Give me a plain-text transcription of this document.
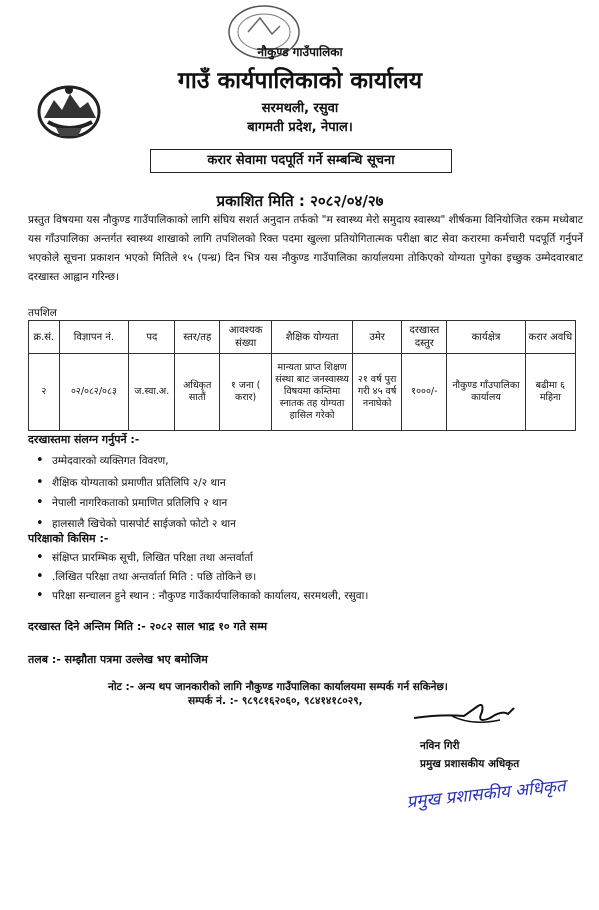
नौकुण्ड गाउँपालिका
गाउँ कार्यपालिकाको कार्यालय
सरमथली, रसुवा
बागमती प्रदेश, नेपाल।
करार सेवामा पदपूर्ति गर्ने सम्बन्धि सूचना
प्रकाशित मिति : २०८२/०४/२७
प्रस्तुत विषयमा यस नौकुण्ड गाउँपालिकाको लागि संघिय सशर्त अनुदान तर्फको "म स्वास्थ्य मेरो समुदाय स्वास्थ्य" शीर्षकमा विनियोजित रकम मध्येबाट यस गाँउपालिका अन्तर्गत स्वास्थ्य शाखाको लागि तपशिलको रिक्त पदमा खुल्ला प्रतियोगितात्मक परीक्षा बाट सेवा करारमा कर्मचारी पदपूर्ति गर्नुपर्ने भएकोले सूचना प्रकाशन भएको मितिले १५ (पन्ध्र) दिन भित्र यस नौकुण्ड गाउँपालिका कार्यालयमा तोकिएको योग्यता पुगेका इच्छुक उम्मेदवारबाट दरखास्त आह्वान गरिन्छ।
तपशिल
क्र.सं.	विज्ञापन नं.	पद	स्तर/तह	आवश्यक संख्या	शैक्षिक योग्यता	उमेर	दरखास्त दस्तुर	कार्यक्षेत्र	करार अवधि
२	०२/०८२/०८३	ज.स्वा.अ.	अधिकृत सातौं	१ जना ( करार)	मान्यता प्राप्त शिक्षण संस्था बाट जनस्वास्थ्य विषयमा कम्तिमा स्नातक तह योग्यता हासिल गरेको	२१ वर्ष पुरा गरी ४५ वर्ष ननाघेको	१०००/-	नौकुण्ड गाँउपालिका कार्यालय	बढीमा ६ महिना
दरखास्तमा संलग्न गर्नुपर्ने :-
• उम्मेदवारको व्यक्तिगत विवरण,
• शैक्षिक योग्यताको प्रमाणीत प्रतिलिपि २/२ थान
• नेपाली नागरिकताको प्रमाणित प्रतिलिपि २ थान
• हालसालै खिचेको पासपोर्ट साईजको फोटो २ थान
परिक्षाको किसिम :-
• संक्षिप्त प्रारम्भिक सूची, लिखित परिक्षा तथा अन्तर्वार्ता
• .लिखित परिक्षा तथा अन्तर्वार्ता मिति : पछि तोकिने छ।
• परिक्षा सन्चालन हुने स्थान : नौकुण्ड गाउँकार्यपालिकाको कार्यालय, सरमथली, रसुवा।
दरखास्त दिने अन्तिम मिति :- २०८२ साल भाद्र १० गते सम्म
तलब :- सम्झौता पत्रमा उल्लेख भए बमोजिम
नोट :- अन्य थप जानकारीको लागि नौकुण्ड गाउँपालिका कार्यालयमा सम्पर्क गर्न सकिनेछ।
सम्पर्क नं. :- ९८९८१६२०६०, ९८४१४१८०२९,
नविन गिरी
प्रमुख प्रशासकीय अधिकृत
प्रमुख प्रशासकीय अधिकृत
